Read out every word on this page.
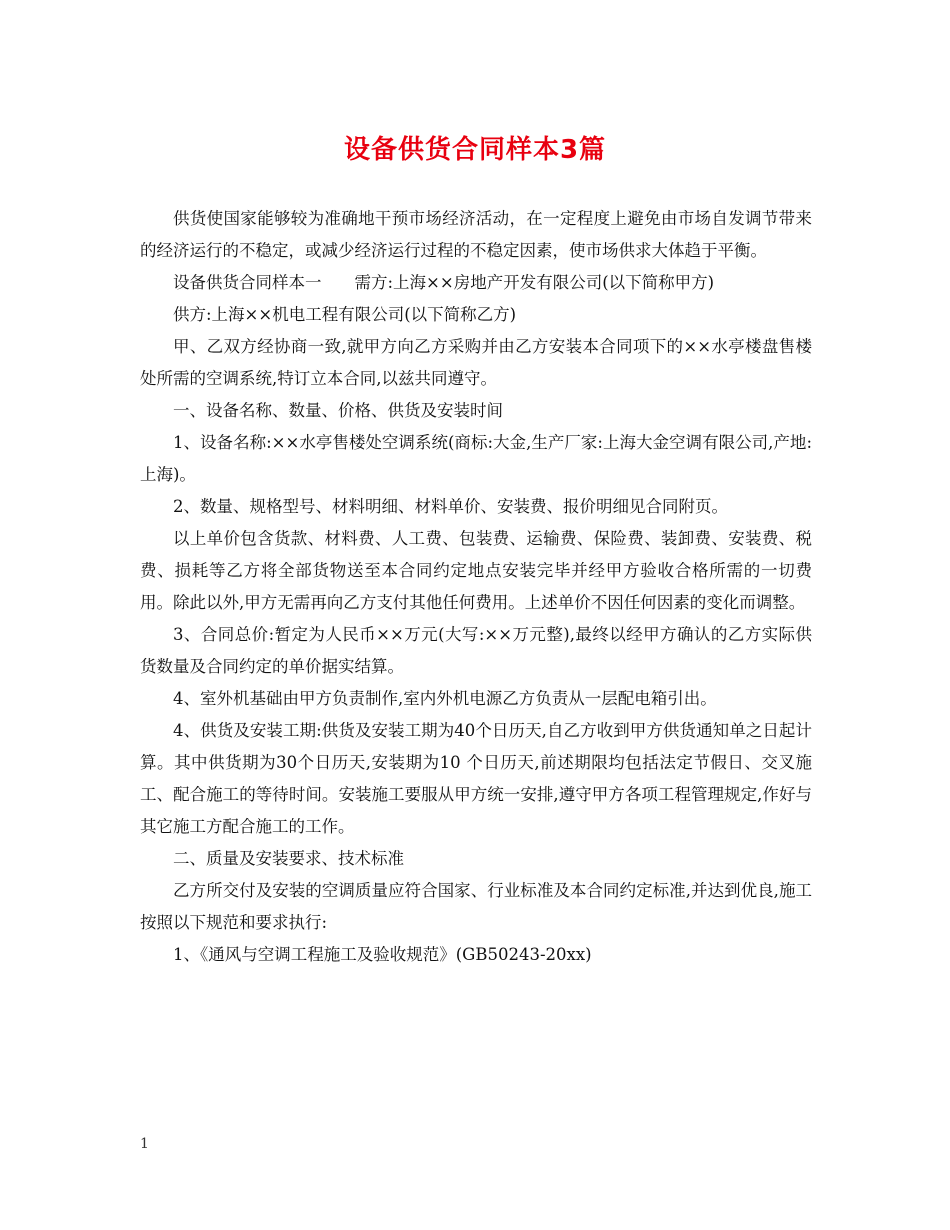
设备供货合同样本3篇

供货使国家能够较为准确地干预市场经济活动，在一定程度上避免由市场自发调节带来的经济运行的不稳定，或减少经济运行过程的不稳定因素，使市场供求大体趋于平衡。

设备供货合同样本一　　需方:上海××房地产开发有限公司(以下简称甲方)

供方:上海××机电工程有限公司(以下简称乙方)

甲、乙双方经协商一致,就甲方向乙方采购并由乙方安装本合同项下的××水亭楼盘售楼处所需的空调系统,特订立本合同,以兹共同遵守。

一、设备名称、数量、价格、供货及安装时间

1、设备名称:××水亭售楼处空调系统(商标:大金,生产厂家:上海大金空调有限公司,产地:上海)。

2、数量、规格型号、材料明细、材料单价、安装费、报价明细见合同附页。

以上单价包含货款、材料费、人工费、包装费、运输费、保险费、装卸费、安装费、税费、损耗等乙方将全部货物送至本合同约定地点安装完毕并经甲方验收合格所需的一切费用。除此以外,甲方无需再向乙方支付其他任何费用。上述单价不因任何因素的变化而调整。

3、合同总价:暂定为人民币××万元(大写:××万元整),最终以经甲方确认的乙方实际供货数量及合同约定的单价据实结算。

4、室外机基础由甲方负责制作,室内外机电源乙方负责从一层配电箱引出。

4、供货及安装工期:供货及安装工期为40个日历天,自乙方收到甲方供货通知单之日起计算。其中供货期为30个日历天,安装期为10 个日历天,前述期限均包括法定节假日、交叉施工、配合施工的等待时间。安装施工要服从甲方统一安排,遵守甲方各项工程管理规定,作好与其它施工方配合施工的工作。

二、质量及安装要求、技术标准

乙方所交付及安装的空调质量应符合国家、行业标准及本合同约定标准,并达到优良,施工按照以下规范和要求执行:

1、《通风与空调工程施工及验收规范》(GB50243-20xx)

1
